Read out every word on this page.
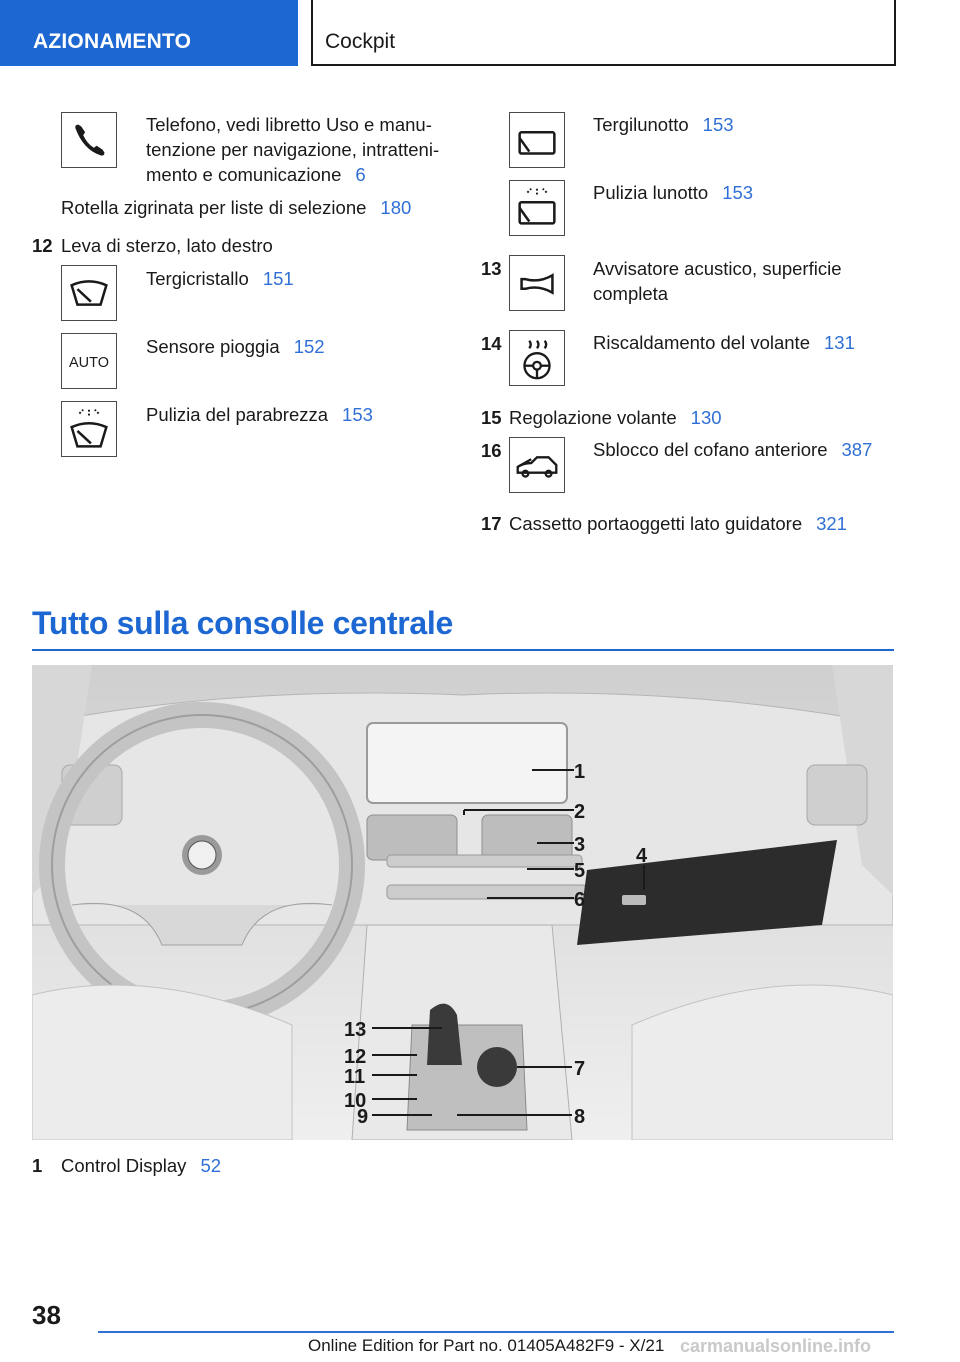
AZIONAMENTO	Cockpit
Telefono, vedi libretto Uso e manu-
tenzione per navigazione, intratteni-
mento e comunicazione 6
Rotella zigrinata per liste di selezione 180
12 Leva di sterzo, lato destro
Tergicristallo 151
AUTO
Sensore pioggia 152
Pulizia del parabrezza 153
Tergilunotto 153
Pulizia lunotto 153
13	Avvisatore acustico, superficie
completa
14	Riscaldamento del volante 131
15 Regolazione volante 130
16	Sblocco del cofano anteriore 387
17 Cassetto portaoggetti lato guidatore 321
Tutto sulla consolle centrale
1
2
3
5
6
4
13
12
11
10
9
7
8
1 Control Display 52
38
Online Edition for Part no. 01405A482F9 - X/21 carmanualsonline.info
